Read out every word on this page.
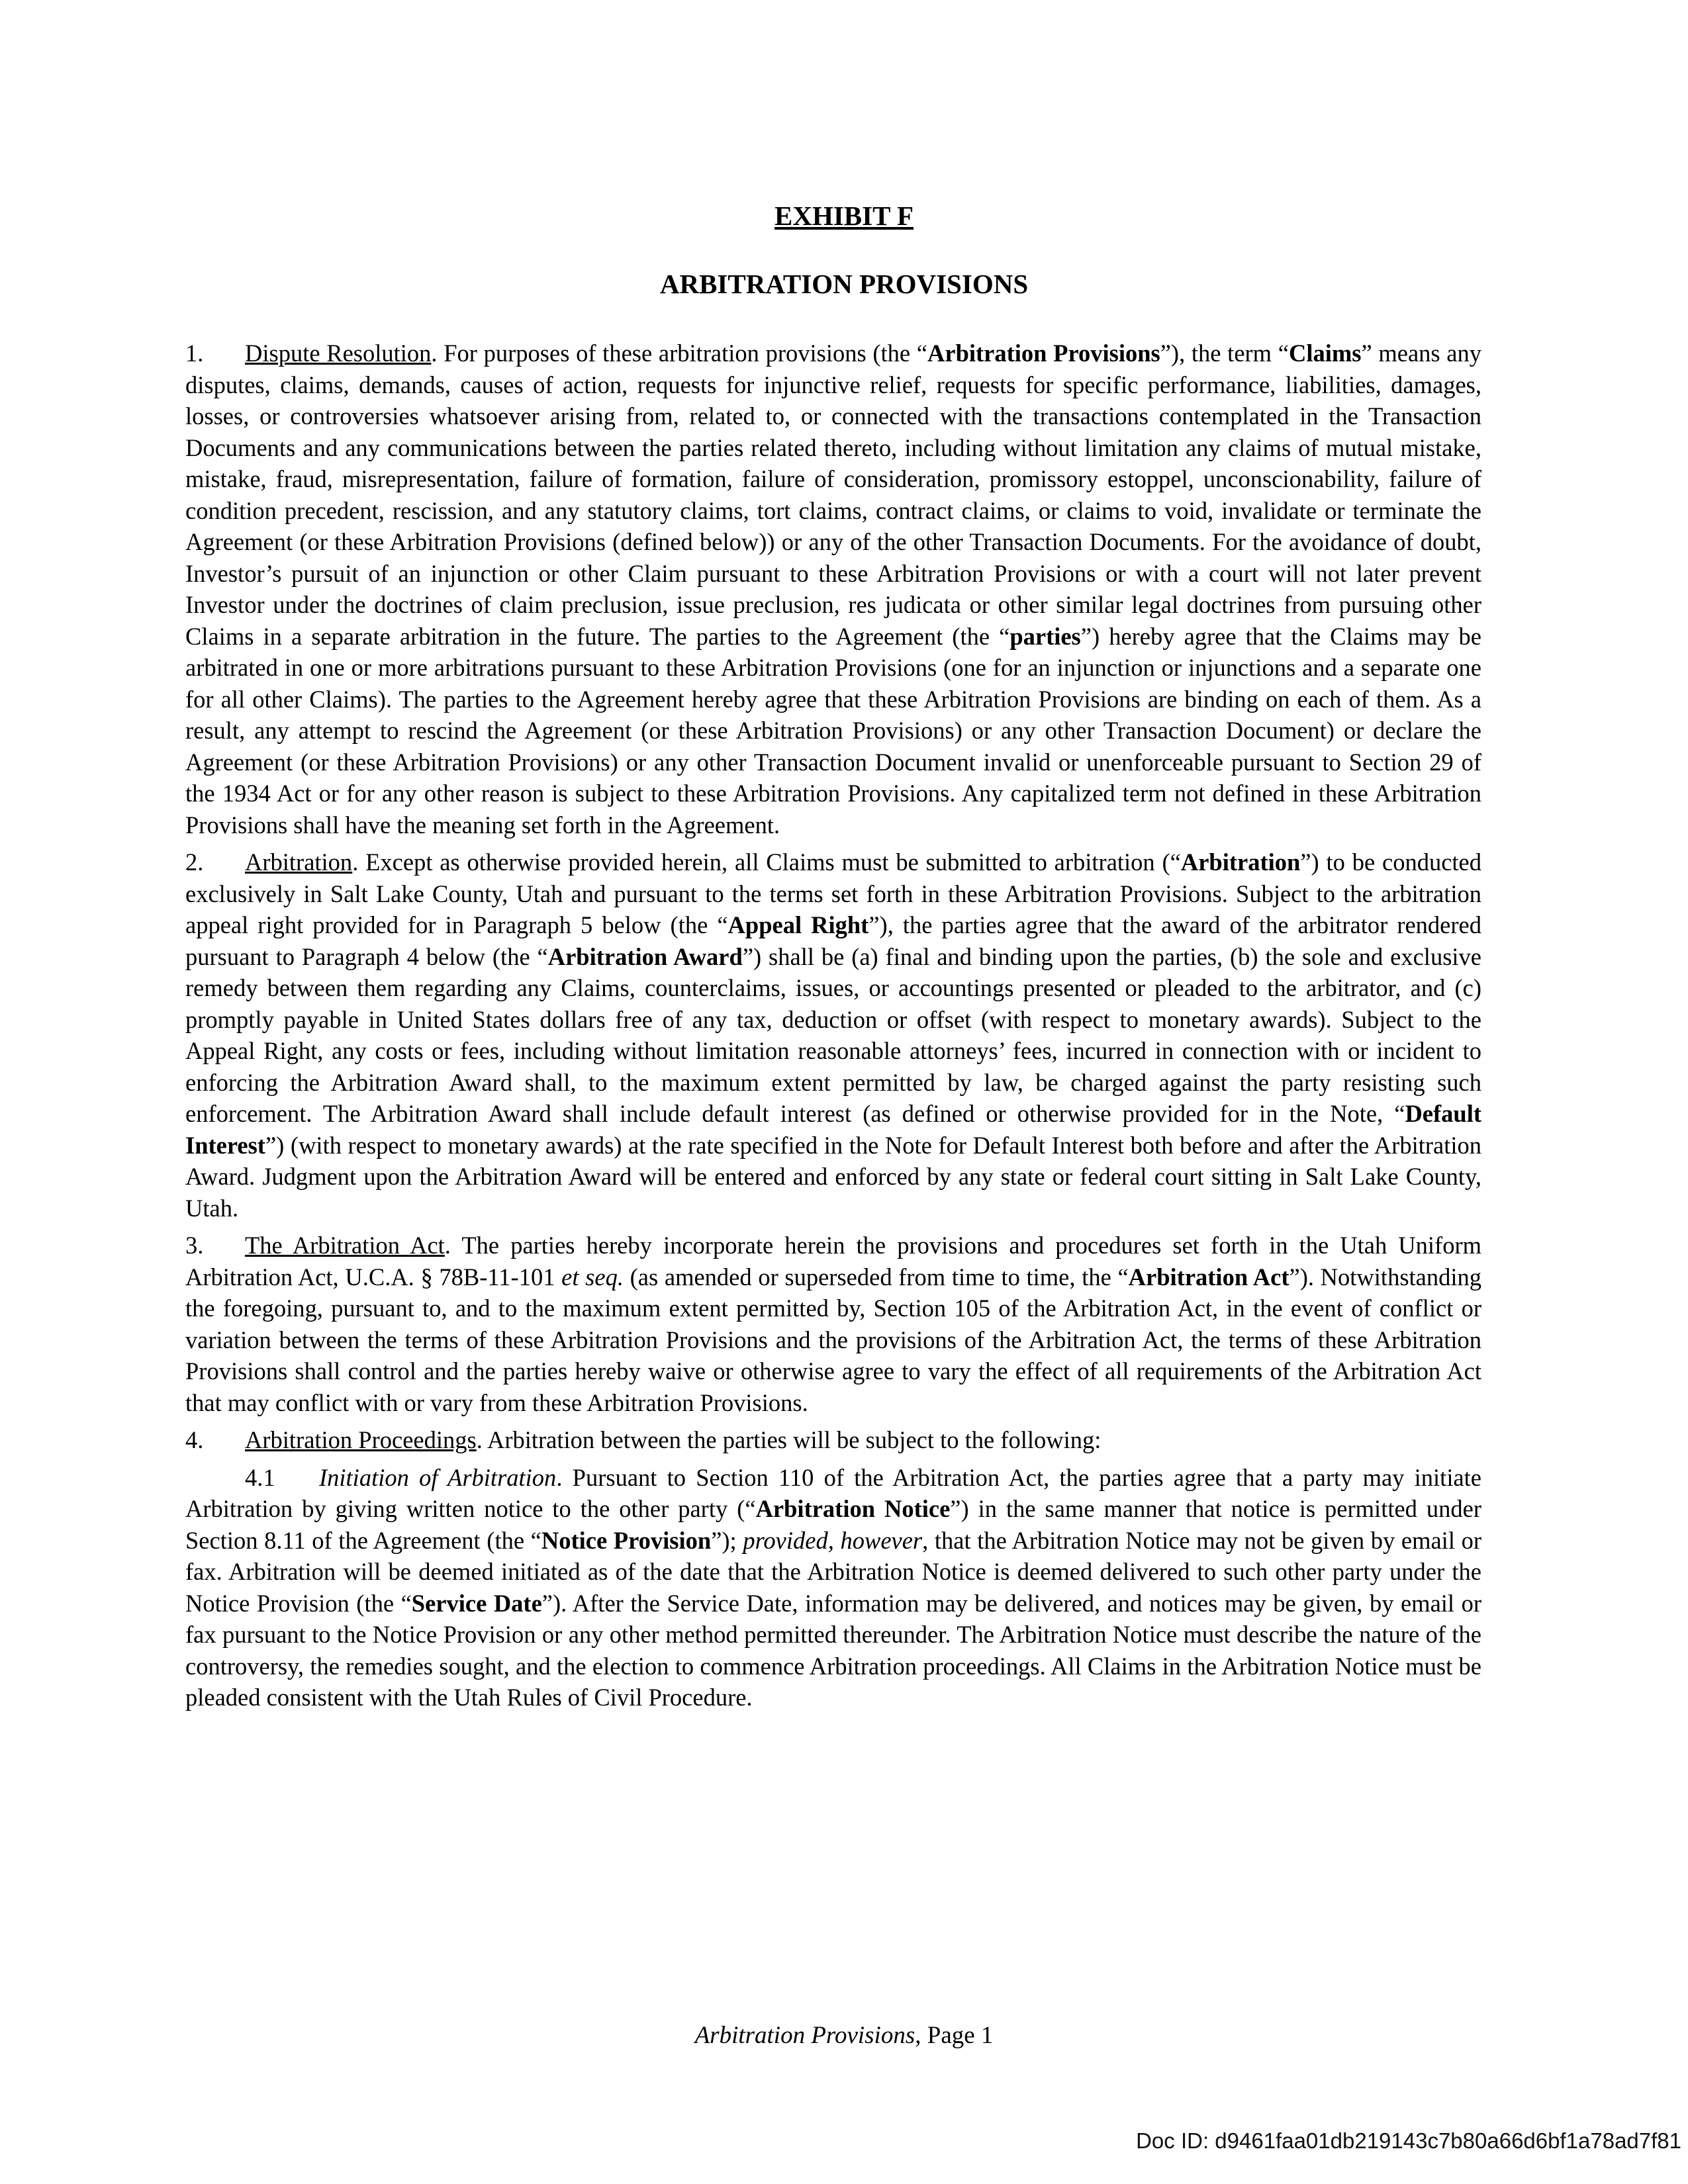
EXHIBIT F
ARBITRATION PROVISIONS

1. Dispute Resolution. For purposes of these arbitration provisions (the “Arbitration Provisions”), the term “Claims” means any disputes, claims, demands, causes of action, requests for injunctive relief, requests for specific performance, liabilities, damages, losses, or controversies whatsoever arising from, related to, or connected with the transactions contemplated in the Transaction Documents and any communications between the parties related thereto, including without limitation any claims of mutual mistake, mistake, fraud, misrepresentation, failure of formation, failure of consideration, promissory estoppel, unconscionability, failure of condition precedent, rescission, and any statutory claims, tort claims, contract claims, or claims to void, invalidate or terminate the Agreement (or these Arbitration Provisions (defined below)) or any of the other Transaction Documents. For the avoidance of doubt, Investor’s pursuit of an injunction or other Claim pursuant to these Arbitration Provisions or with a court will not later prevent Investor under the doctrines of claim preclusion, issue preclusion, res judicata or other similar legal doctrines from pursuing other Claims in a separate arbitration in the future. The parties to the Agreement (the “parties”) hereby agree that the Claims may be arbitrated in one or more arbitrations pursuant to these Arbitration Provisions (one for an injunction or injunctions and a separate one for all other Claims). The parties to the Agreement hereby agree that these Arbitration Provisions are binding on each of them. As a result, any attempt to rescind the Agreement (or these Arbitration Provisions) or any other Transaction Document) or declare the Agreement (or these Arbitration Provisions) or any other Transaction Document invalid or unenforceable pursuant to Section 29 of the 1934 Act or for any other reason is subject to these Arbitration Provisions. Any capitalized term not defined in these Arbitration Provisions shall have the meaning set forth in the Agreement.

2. Arbitration. Except as otherwise provided herein, all Claims must be submitted to arbitration (“Arbitration”) to be conducted exclusively in Salt Lake County, Utah and pursuant to the terms set forth in these Arbitration Provisions. Subject to the arbitration appeal right provided for in Paragraph 5 below (the “Appeal Right”), the parties agree that the award of the arbitrator rendered pursuant to Paragraph 4 below (the “Arbitration Award”) shall be (a) final and binding upon the parties, (b) the sole and exclusive remedy between them regarding any Claims, counterclaims, issues, or accountings presented or pleaded to the arbitrator, and (c) promptly payable in United States dollars free of any tax, deduction or offset (with respect to monetary awards). Subject to the Appeal Right, any costs or fees, including without limitation reasonable attorneys’ fees, incurred in connection with or incident to enforcing the Arbitration Award shall, to the maximum extent permitted by law, be charged against the party resisting such enforcement. The Arbitration Award shall include default interest (as defined or otherwise provided for in the Note, “Default Interest”) (with respect to monetary awards) at the rate specified in the Note for Default Interest both before and after the Arbitration Award. Judgment upon the Arbitration Award will be entered and enforced by any state or federal court sitting in Salt Lake County, Utah.

3. The Arbitration Act. The parties hereby incorporate herein the provisions and procedures set forth in the Utah Uniform Arbitration Act, U.C.A. § 78B-11-101 et seq. (as amended or superseded from time to time, the “Arbitration Act”). Notwithstanding the foregoing, pursuant to, and to the maximum extent permitted by, Section 105 of the Arbitration Act, in the event of conflict or variation between the terms of these Arbitration Provisions and the provisions of the Arbitration Act, the terms of these Arbitration Provisions shall control and the parties hereby waive or otherwise agree to vary the effect of all requirements of the Arbitration Act that may conflict with or vary from these Arbitration Provisions.

4. Arbitration Proceedings. Arbitration between the parties will be subject to the following:

4.1 Initiation of Arbitration. Pursuant to Section 110 of the Arbitration Act, the parties agree that a party may initiate Arbitration by giving written notice to the other party (“Arbitration Notice”) in the same manner that notice is permitted under Section 8.11 of the Agreement (the “Notice Provision”); provided, however, that the Arbitration Notice may not be given by email or fax. Arbitration will be deemed initiated as of the date that the Arbitration Notice is deemed delivered to such other party under the Notice Provision (the “Service Date”). After the Service Date, information may be delivered, and notices may be given, by email or fax pursuant to the Notice Provision or any other method permitted thereunder. The Arbitration Notice must describe the nature of the controversy, the remedies sought, and the election to commence Arbitration proceedings. All Claims in the Arbitration Notice must be pleaded consistent with the Utah Rules of Civil Procedure.

Arbitration Provisions, Page 1
Doc ID: d9461faa01db219143c7b80a66d6bf1a78ad7f81
